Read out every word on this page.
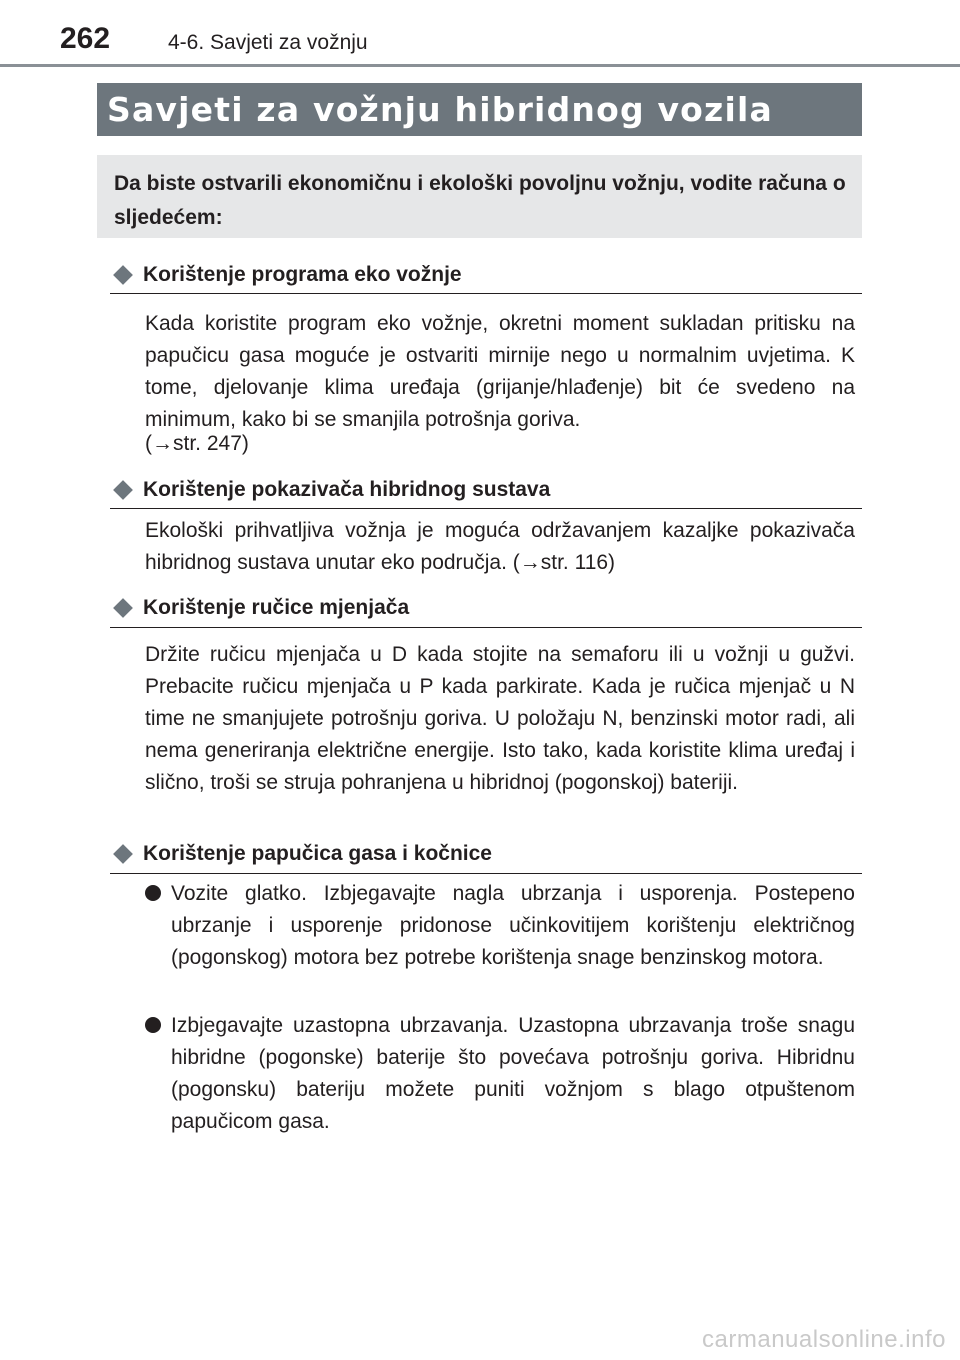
262	4-6. Savjeti za vožnju
Savjeti za vožnju hibridnog vozila
Da biste ostvarili ekonomičnu i ekološki povoljnu vožnju, vodite računa o sljedećem:
Korištenje programa eko vožnje

Kada koristite program eko vožnje, okretni moment sukladan pritisku na papučicu gasa moguće je ostvariti mirnije nego u normalnim uvjetima. K tome, djelovanje klima uređaja (grijanje/hlađenje) bit će svedeno na minimum, kako bi se smanjila potrošnja goriva.

(→str. 247)

Korištenje pokazivača hibridnog sustava

Ekološki prihvatljiva vožnja je moguća održavanjem kazaljke pokazivača hibridnog sustava unutar eko područja. (→str. 116)

Korištenje ručice mjenjača

Držite ručicu mjenjača u D kada stojite na semaforu ili u vožnji u gužvi. Prebacite ručicu mjenjača u P kada parkirate. Kada je ručica mjenjač u N time ne smanjujete potrošnju goriva. U položaju N, benzinski motor radi, ali nema generiranja električne energije. Isto tako, kada koristite klima uređaj i slično, troši se struja pohranjena u hibridnoj (pogonskoj) bateriji.

Korištenje papučica gasa i kočnice
Vozite glatko. Izbjegavajte nagla ubrzanja i usporenja. Postepeno ubrzanje i usporenje pridonose učinkovitijem korištenju električnog (pogonskog) motora bez potrebe korištenja snage benzinskog motora.
Izbjegavajte uzastopna ubrzavanja. Uzastopna ubrzavanja troše snagu hibridne (pogonske) baterije što povećava potrošnju goriva. Hibridnu (pogonsku) bateriju možete puniti vožnjom s blago otpuštenom papučicom gasa.
carmanualsonline.info
